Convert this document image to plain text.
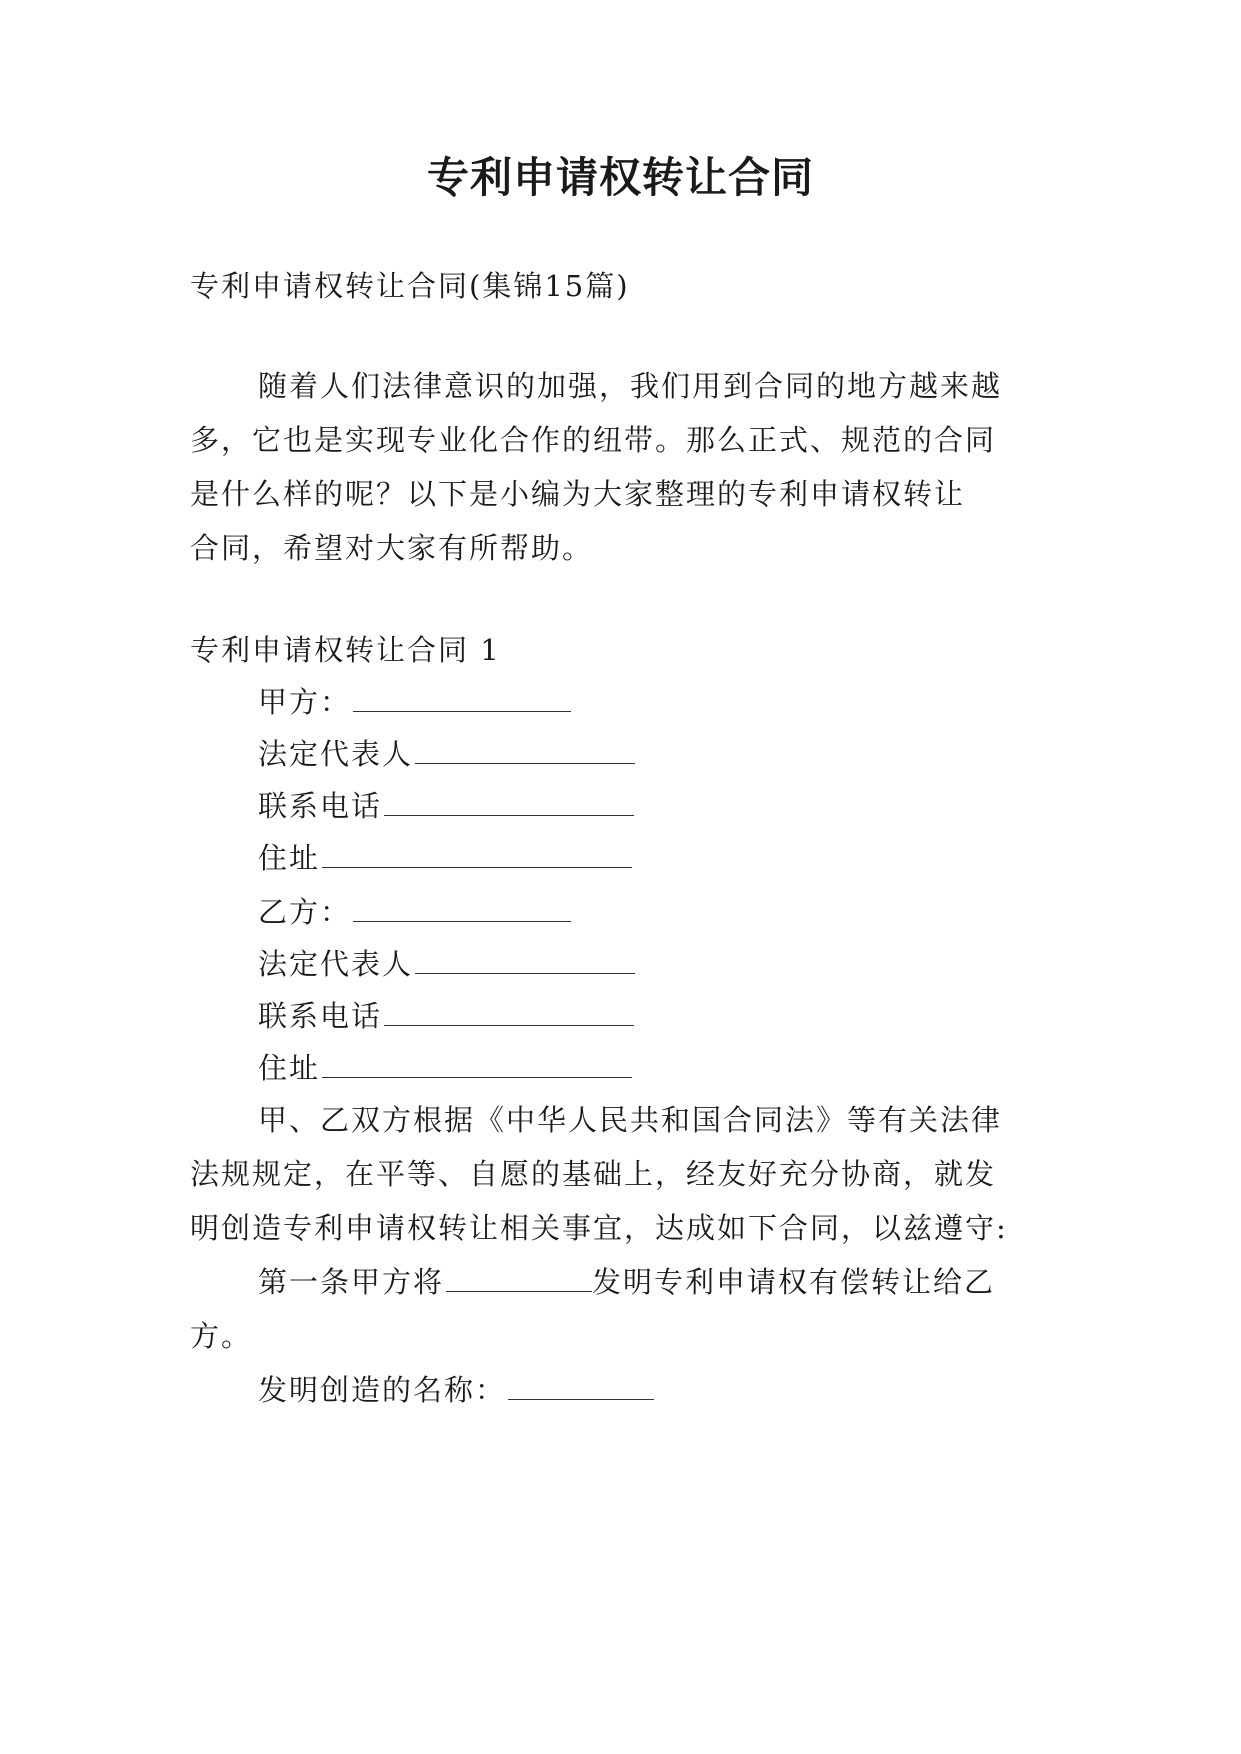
专利申请权转让合同
专利申请权转让合同(集锦15篇)
随着人们法律意识的加强，我们用到合同的地方越来越
多，它也是实现专业化合作的纽带。那么正式、规范的合同
是什么样的呢？以下是小编为大家整理的专利申请权转让
合同，希望对大家有所帮助。
专利申请权转让合同 1
甲方：
法定代表人
联系电话
住址
乙方：
法定代表人
联系电话
住址
甲、乙双方根据《中华人民共和国合同法》等有关法律
法规规定，在平等、自愿的基础上，经友好充分协商，就发
明创造专利申请权转让相关事宜，达成如下合同，以兹遵守:
第一条甲方将	发明专利申请权有偿转让给乙
方。
发明创造的名称：
